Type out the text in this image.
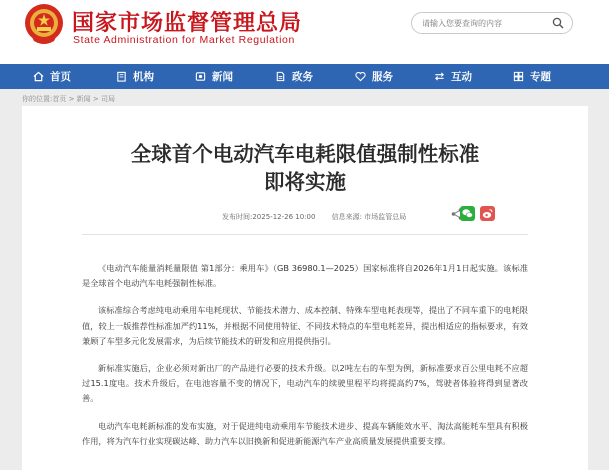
国家市场监督管理总局
State Administration for Market Regulation
请输入您要查询的内容
首页	机构	新闻	政务	服务	互动	专题
你的位置:首页 > 新闻 > 司局
全球首个电动汽车电耗限值强制性标准
即将实施
发布时间:2025-12-26 10:00 信息来源: 市场监管总局

《电动汽车能量消耗量限值 第1部分：乘用车》（GB 36980.1—2025）国家标准将自2026年1月1日起实施。该标准是全球首个电动汽车电耗强制性标准。

该标准综合考虑纯电动乘用车电耗现状、节能技术潜力、成本控制、特殊车型电耗表现等，提出了不同车重下的电耗限值，较上一版推荐性标准加严约11%，并根据不同使用特征、不同技术特点的车型电耗差异，提出相适应的指标要求，有效兼顾了车型多元化发展需求，为后续节能技术的研发和应用提供指引。

新标准实施后，企业必须对新出厂的产品进行必要的技术升级。以2吨左右的车型为例，新标准要求百公里电耗不应超过15.1度电。技术升级后，在电池容量不变的情况下，电动汽车的续驶里程平均将提高约7%，驾驶者体验将得到显著改善。

电动汽车电耗新标准的发布实施，对于促进纯电动乘用车节能技术进步、提高车辆能效水平、淘汰高能耗车型具有积极作用，将为汽车行业实现碳达峰、助力汽车以旧换新和促进新能源汽车产业高质量发展提供重要支撑。
